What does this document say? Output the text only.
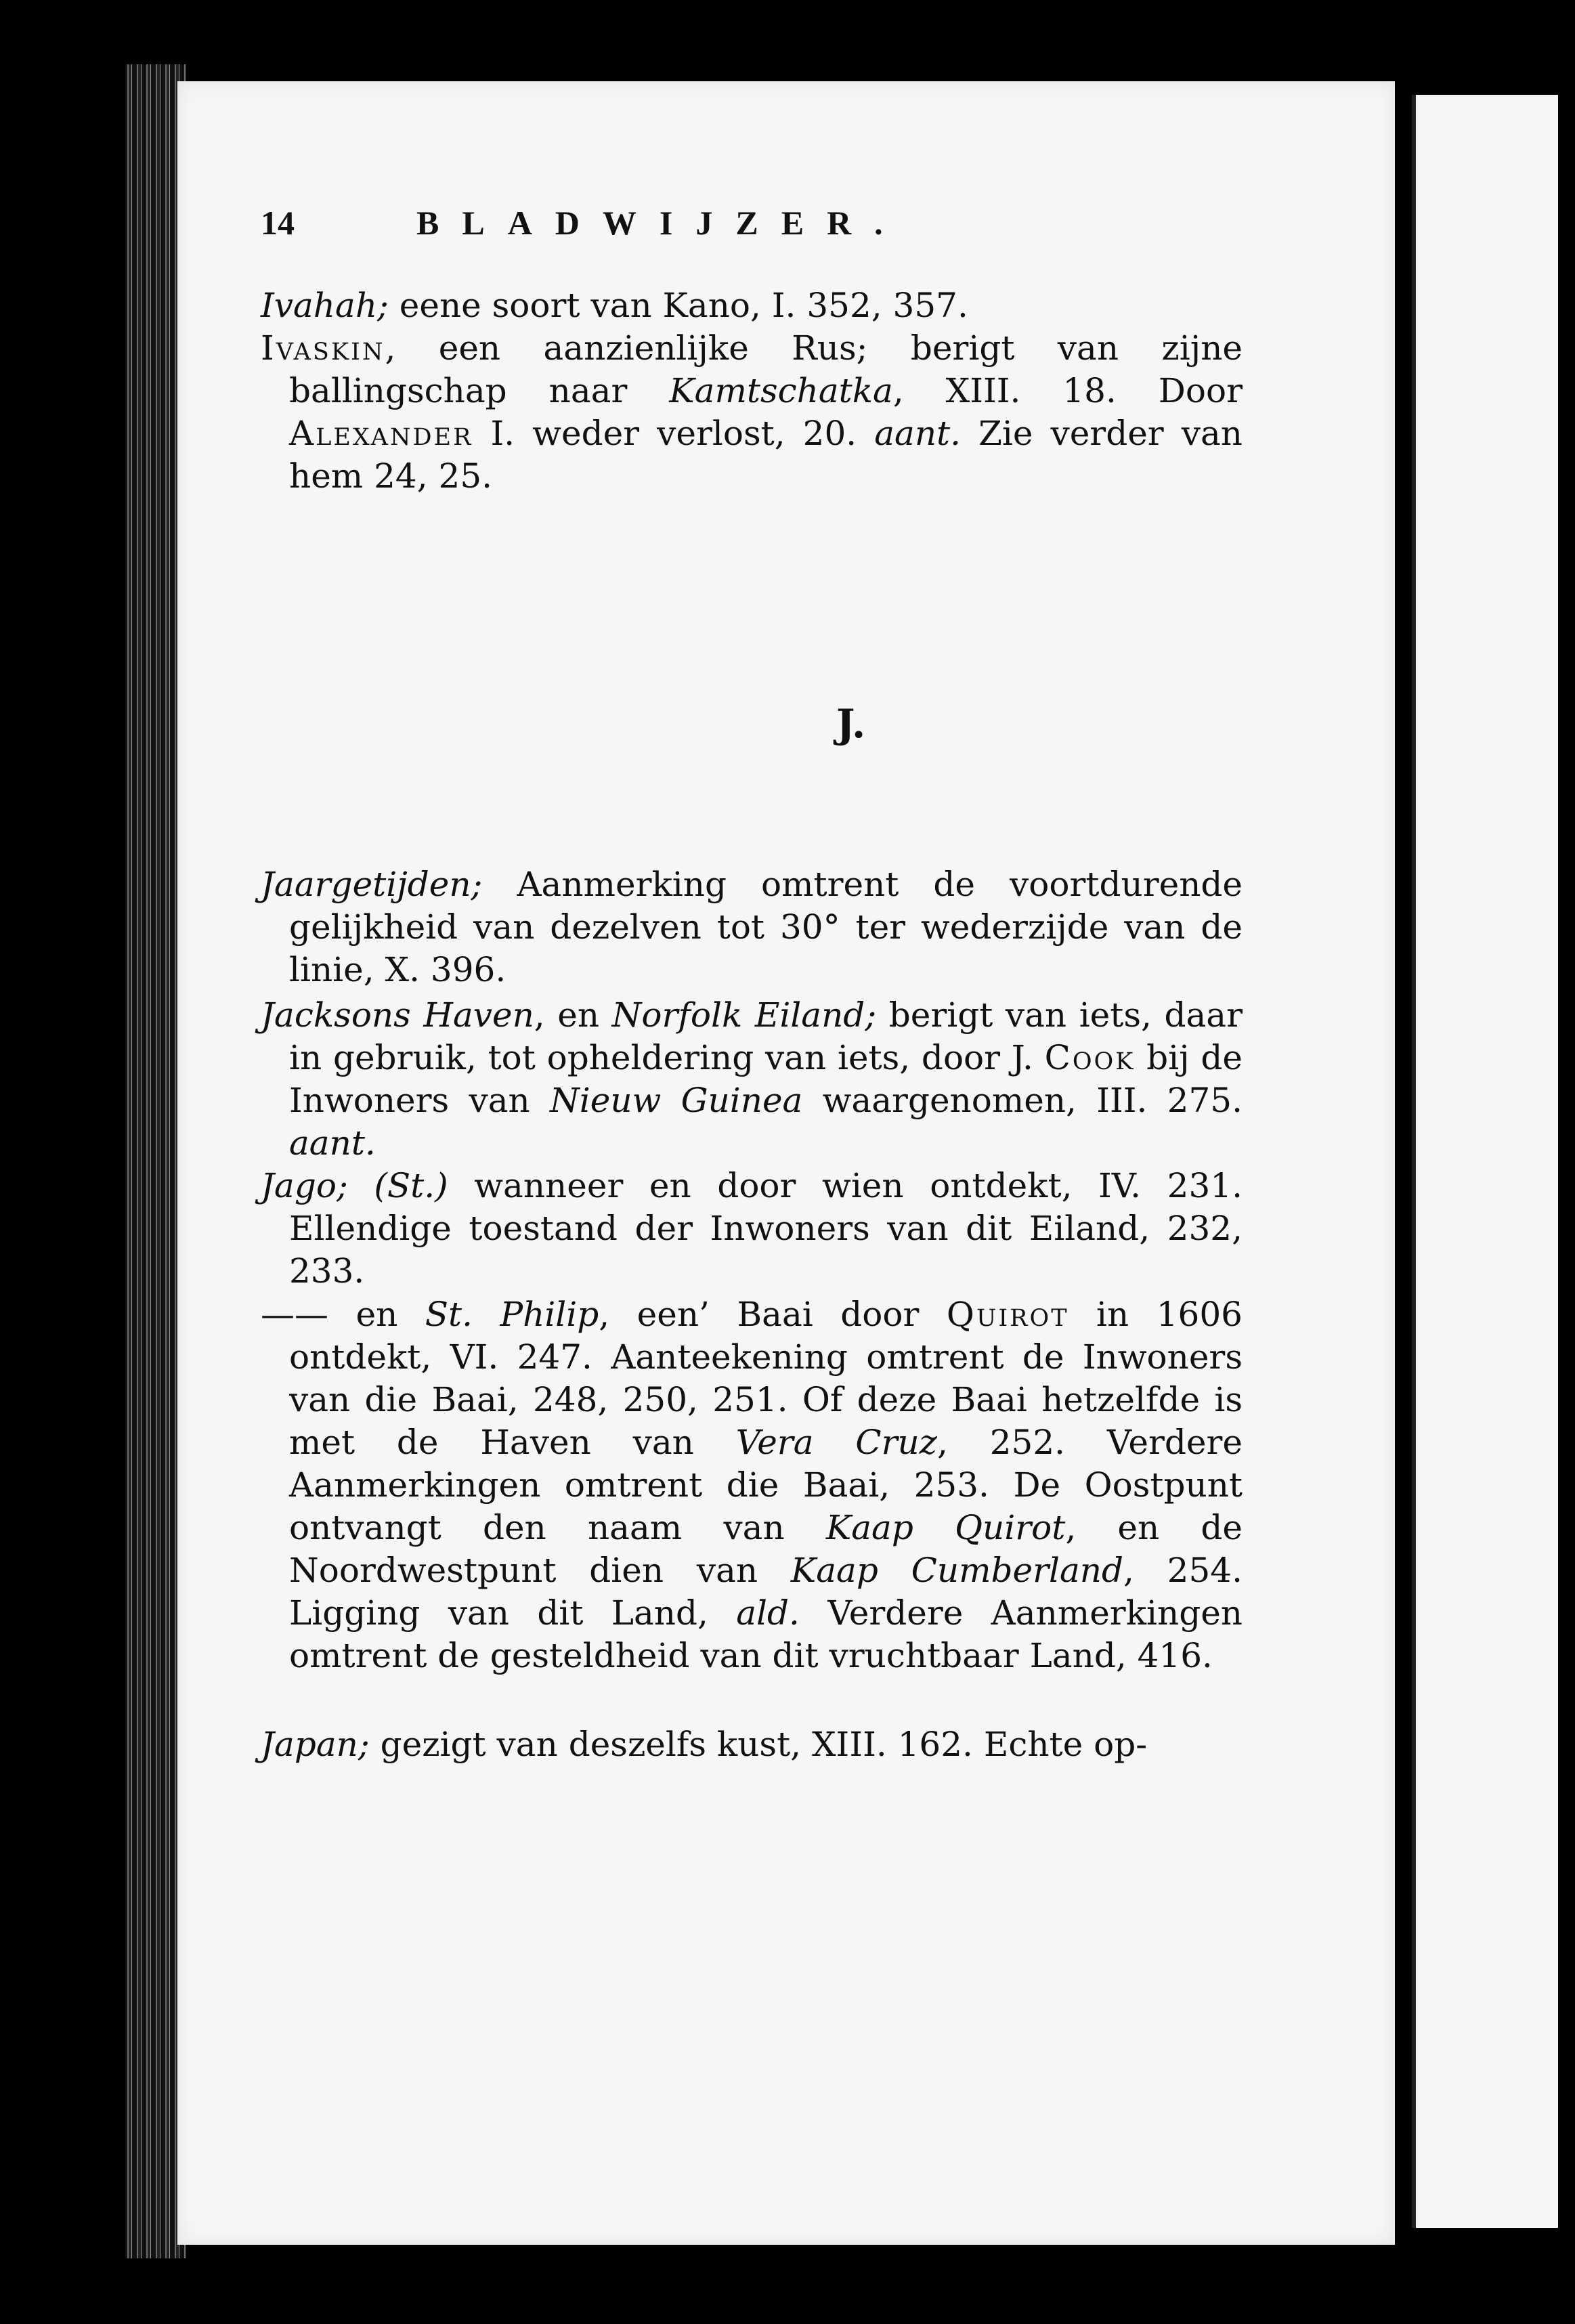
14	BLADWIJZER.

Ivahah; eene soort van Kano, I. 352, 357.

Ivaskin, een aanzienlijke Rus; berigt van zijne ballingschap naar Kamtschatka, XIII. 18. Door Alexander I. weder verlost, 20. aant. Zie verder van hem 24, 25.

J.

Jaargetijden; Aanmerking omtrent de voortdurende gelijkheid van dezelven tot 30° ter wederzijde van de linie, X. 396.

Jacksons Haven, en Norfolk Eiland; berigt van iets, daar in gebruik, tot opheldering van iets, door J. Cook bij de Inwoners van Nieuw Guinea waargenomen, III. 275. aant.

Jago; (St.) wanneer en door wien ontdekt, IV. 231. Ellendige toestand der Inwoners van dit Eiland, 232, 233.

—— en St. Philip, een’ Baai door Quirot in 1606 ontdekt, VI. 247. Aanteekening omtrent de Inwoners van die Baai, 248, 250, 251. Of deze Baai hetzelfde is met de Haven van Vera Cruz, 252. Verdere Aanmerkingen omtrent die Baai, 253. De Oostpunt ontvangt den naam van Kaap Quirot, en de Noordwestpunt dien van Kaap Cumberland, 254. Ligging van dit Land, ald. Verdere Aanmerkingen omtrent de gesteldheid van dit vruchtbaar Land, 416.

Japan; gezigt van deszelfs kust, XIII. 162. Echte op-
